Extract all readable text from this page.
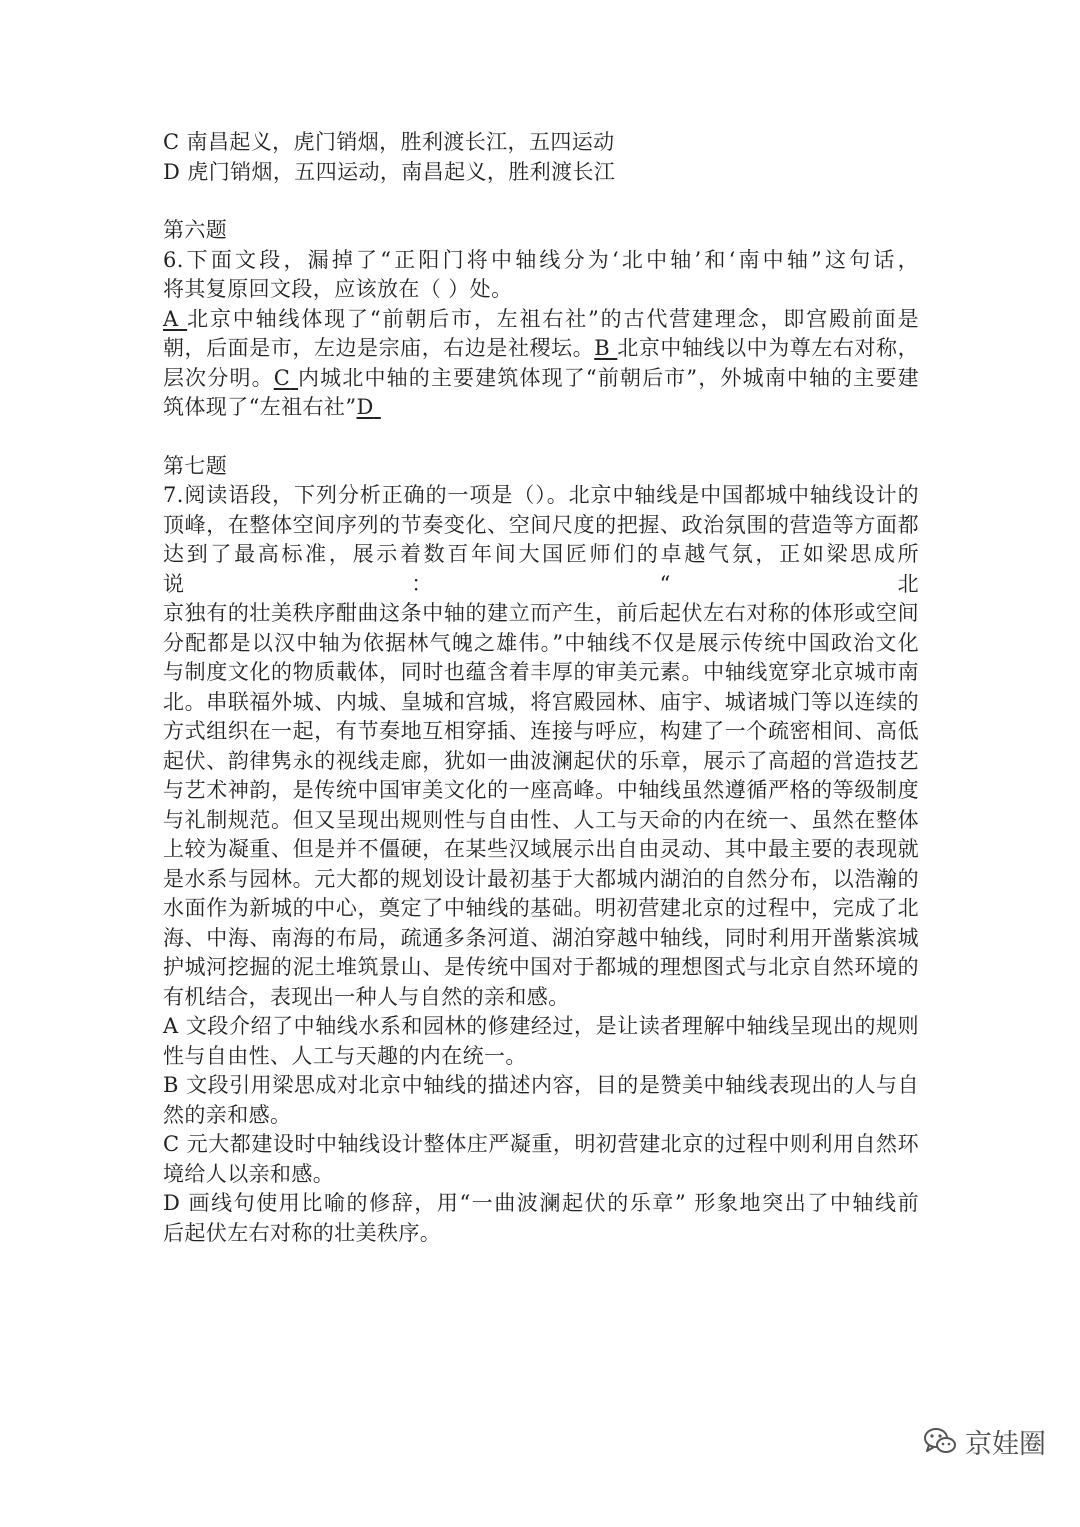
C 南昌起义，虎门销烟，胜利渡长江，五四运动
D 虎门销烟，五四运动，南昌起义，胜利渡长江
第六题
6.下面文段，漏掉了“正阳门将中轴线分为‘北中轴’和‘南中轴”这句话，
将其复原回文段，应该放在（ ）处。
A 北京中轴线体现了“前朝后市，左祖右社”的古代营建理念，即宫殿前面是
朝，后面是市，左边是宗庙，右边是社稷坛。B 北京中轴线以中为尊左右对称，
层次分明。C 内城北中轴的主要建筑体现了“前朝后市”，外城南中轴的主要建
筑体现了“左祖右社”D
第七题
7.阅读语段，下列分析正确的一项是（）。北京中轴线是中国都城中轴线设计的
顶峰，在整体空间序列的节奏变化、空间尺度的把握、政治氛围的营造等方面都
达到了最高标准，展示着数百年间大国匠师们的卓越气氛，正如梁思成所说：“北
京独有的壮美秩序酣曲这条中轴的建立而产生，前后起伏左右对称的体形或空间
分配都是以汉中轴为依据林气魄之雄伟。”中轴线不仅是展示传统中国政治文化
与制度文化的物质載体，同时也蕴含着丰厚的审美元素。中轴线宽穿北京城市南
北。串联福外城、内城、皇城和宫城，将宫殿园林、庙宇、城诸城门等以连续的
方式组织在一起，有节奏地互相穿插、连接与呼应，构建了一个疏密相间、高低
起伏、韵律隽永的视线走廊，犹如一曲波澜起伏的乐章，展示了高超的営造技艺
与艺术神韵，是传统中国审美文化的一座高峰。中轴线虽然遵循严格的等级制度
与礼制规范。但又呈现出规则性与自由性、人工与天命的内在统一、虽然在整体
上较为凝重、但是并不僵硬，在某些汉域展示出自由灵动、其中最主要的表现就
是水系与园林。元大都的规划设计最初基于大都城内湖泊的自然分布，以浩瀚的
水面作为新城的中心，奠定了中轴线的基础。明初营建北京的过程中，完成了北
海、中海、南海的布局，疏通多条河道、湖泊穿越中轴线，同时利用开凿紫滨城
护城河挖掘的泥土堆筑景山、是传统中国对于都城的理想图式与北京自然环境的
有机结合，表现出一种人与自然的亲和感。
A 文段介绍了中轴线水系和园林的修建经过，是让读者理解中轴线呈现出的规则
性与自由性、人工与天趣的内在统一。
B 文段引用梁思成对北京中轴线的描述内容，目的是赞美中轴线表现出的人与自
然的亲和感。
C 元大都建设时中轴线设计整体庄严凝重，明初营建北京的过程中则利用自然环
境给人以亲和感。
D 画线句使用比喻的修辞，用“一曲波澜起伏的乐章” 形象地突出了中轴线前
后起伏左右对称的壮美秩序。
京娃圈
